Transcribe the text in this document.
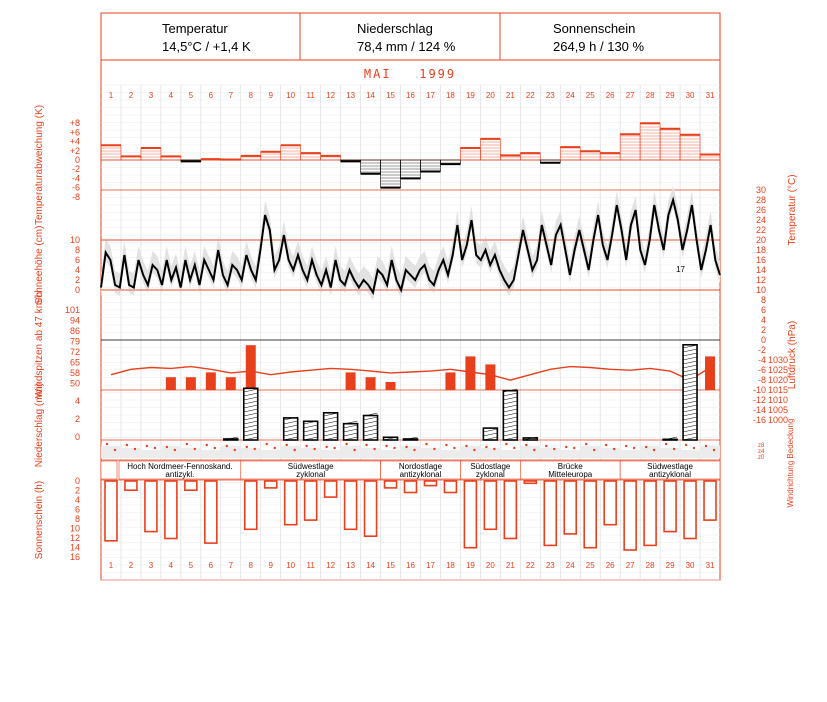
Temperatur
14,5°C / +1,4 K
Niederschlag
78,4 mm / 124 %
Sonnenschein
264,9 h / 130 %
MAI   1999
1 2 3 4 5 6 7 8 9 10 11 12 13 14 15 16 17 18 19 20 21 22 23 24 25 26 27 28 29 30 31
1 2 3 4 5 6 7 8 9 10 11 12 13 14 15 16 17 18 19 20 21 22 23 24 25 26 27 28 29 30 31
17
Hoch Nordmeer-Fennoskand.
antizykl.
Südwestlage
zyklonal
Nordostlage
antizyklonal
Südostlage
zyklonal
Brücke
Mitteleuropa
Südwestlage
antizyklonal
+8
+6
+4
+2
0
-2
-4
-6
-8
10
8
6
4
2
0
101
94
86
79
72
65
58
50
4
2
0
0
2
4
6
8
10
12
14
16
Temperaturabweichung (K)
Schneehöhe (cm)
Windspitzen ab 47 km/h
Niederschlag (mm)
Sonnenschein (h)
30
28
26
24
22
20
18
16
14
12
10
8
6
4
2
0
-2
-4
-6
-8
-10
-12
-14
-16
1030
1025
1020
1015
1010
1005
1000
z8
z4
z0
Temperatur (°C)
Luftdruck (hPa)
Windrichtung Bedeckung
